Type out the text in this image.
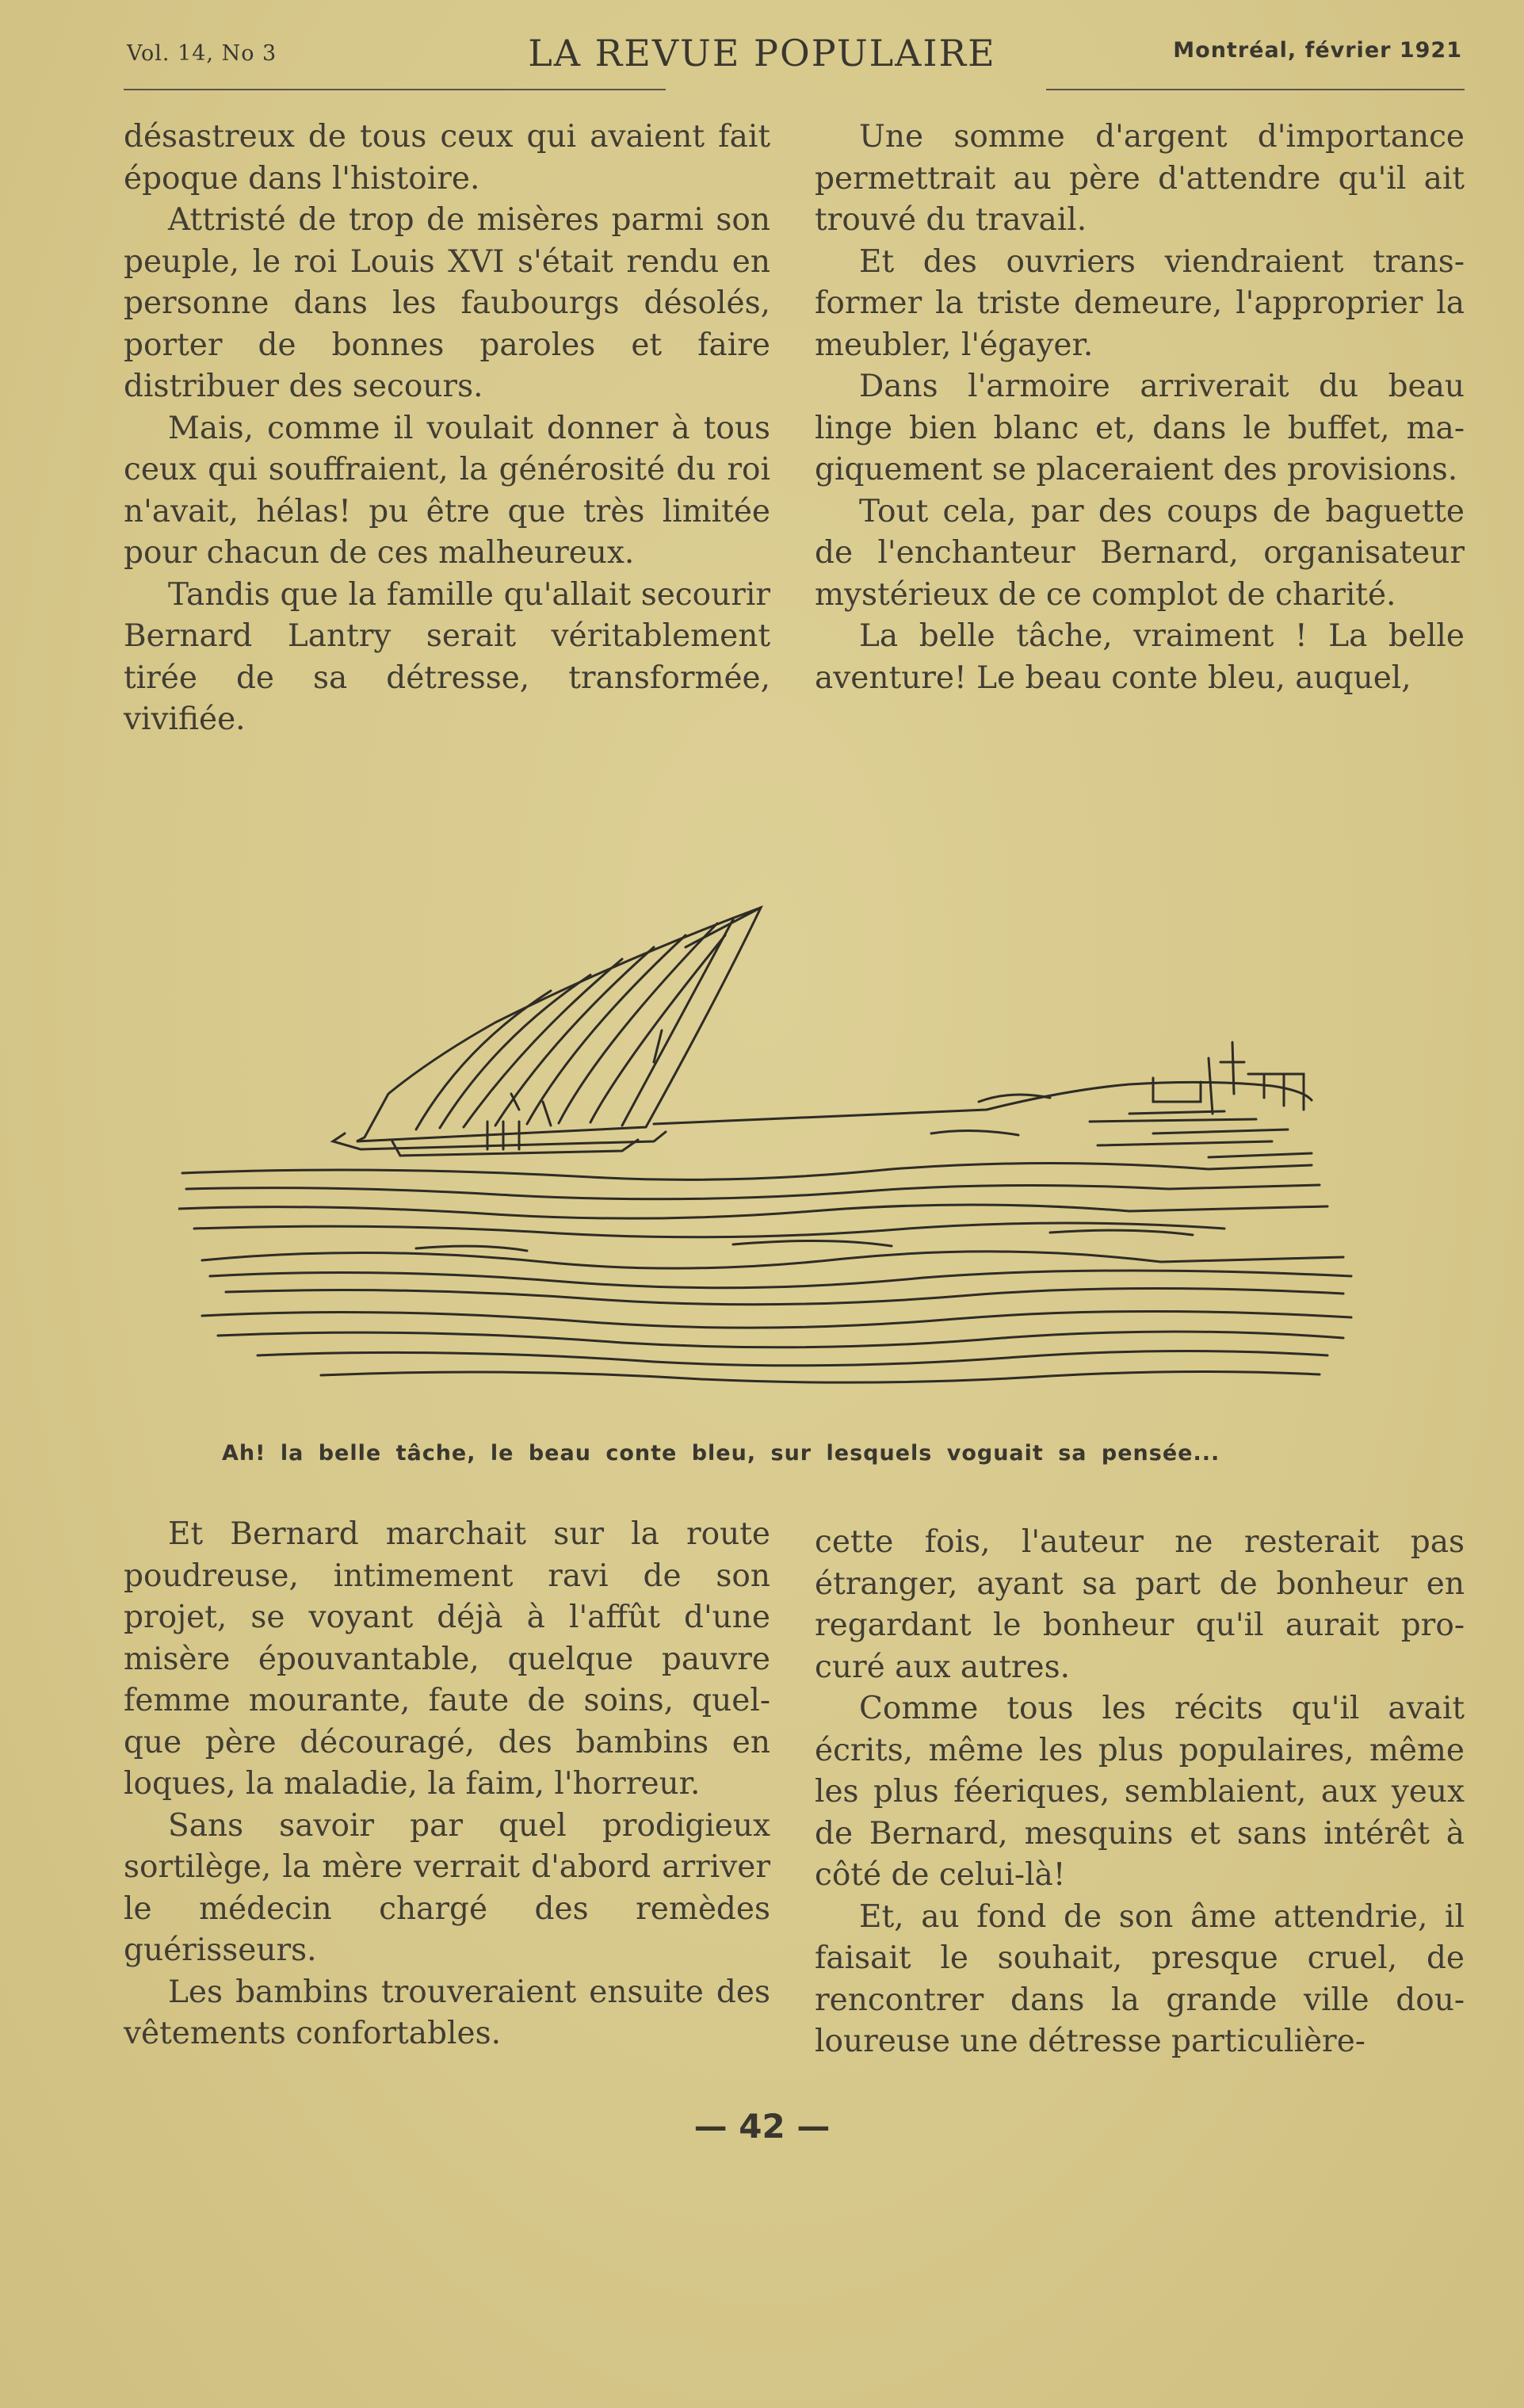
Vol. 14, No 3	LA REVUE POPULAIRE	Montréal, février 1921

désastreux de tous ceux qui avaient fait époque dans l'histoire.

Attristé de trop de misères parmi son peuple, le roi Louis XVI s'était rendu en personne dans les faubourgs désolés, porter de bonnes paroles et faire distribuer des secours.

Mais, comme il voulait donner à tous ceux qui souffraient, la générosité du roi n'avait, hélas! pu être que très limitée pour chacun de ces malheureux.

Tandis que la famille qu'allait secourir Bernard Lantry serait véritablement tirée de sa détresse, transformée, vivifiée.

Une somme d'argent d'importance permettrait au père d'attendre qu'il ait trouvé du travail.

Et des ouvriers viendraient transformer la triste demeure, l'approprier la meubler, l'égayer.

Dans l'armoire arriverait du beau linge bien blanc et, dans le buffet, magiquement se placeraient des provisions.

Tout cela, par des coups de baguette de l'enchanteur Bernard, organisateur mystérieux de ce complot de charité.

La belle tâche, vraiment ! La belle aventure! Le beau conte bleu, auquel,

Ah! la belle tâche, le beau conte bleu, sur lesquels voguait sa pensée...

Et Bernard marchait sur la route poudreuse, intimement ravi de son projet, se voyant déjà à l'affût d'une misère épouvantable, quelque pauvre femme mourante, faute de soins, quelque père découragé, des bambins en loques, la maladie, la faim, l'horreur.

Sans savoir par quel prodigieux sortilège, la mère verrait d'abord arriver le médecin chargé des remèdes guérisseurs.

Les bambins trouveraient ensuite des vêtements confortables.

cette fois, l'auteur ne resterait pas étranger, ayant sa part de bonheur en regardant le bonheur qu'il aurait procuré aux autres.

Comme tous les récits qu'il avait écrits, même les plus populaires, même les plus féeriques, semblaient, aux yeux de Bernard, mesquins et sans intérêt à côté de celui-là!

Et, au fond de son âme attendrie, il faisait le souhait, presque cruel, de rencontrer dans la grande ville douloureuse une détresse particulière-

— 42 —
